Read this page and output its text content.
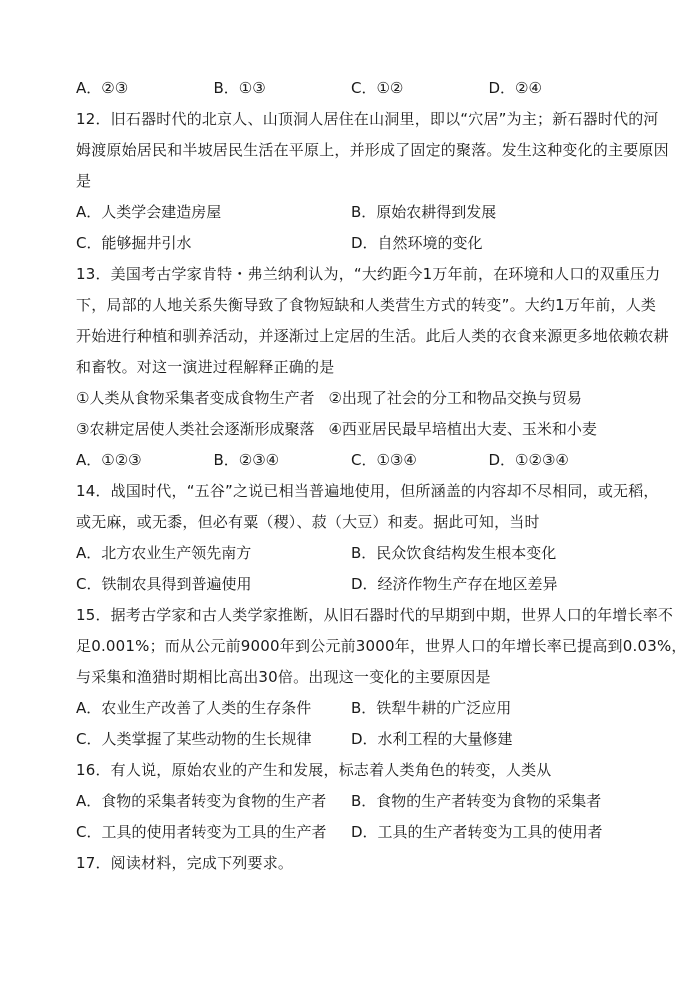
A．②③	B．①③	C．①②	D．②④
12．旧石器时代的北京人、山顶洞人居住在山洞里，即以“穴居”为主；新石器时代的河
姆渡原始居民和半坡居民生活在平原上，并形成了固定的聚落。发生这种变化的主要原因
是
A．人类学会建造房屋	B．原始农耕得到发展
C．能够掘井引水	D．自然环境的变化
13．美国考古学家肯特・弗兰纳利认为，“大约距今1万年前，在环境和人口的双重压力
下，局部的人地关系失衡导致了食物短缺和人类营生方式的转变”。大约1万年前，人类
开始进行种植和驯养活动，并逐渐过上定居的生活。此后人类的衣食来源更多地依赖农耕
和畜牧。对这一演进过程解释正确的是
①人类从食物采集者变成食物生产者 ②出现了社会的分工和物品交换与贸易
③农耕定居使人类社会逐渐形成聚落 ④西亚居民最早培植出大麦、玉米和小麦
A．①②③	B．②③④	C．①③④	D．①②③④
14．战国时代，“五谷”之说已相当普遍地使用，但所涵盖的内容却不尽相同，或无稻，
或无麻，或无黍，但必有粟（稷）、菽（大豆）和麦。据此可知，当时
A．北方农业生产领先南方	B．民众饮食结构发生根本变化
C．铁制农具得到普遍使用	D．经济作物生产存在地区差异
15．据考古学家和古人类学家推断，从旧石器时代的早期到中期，世界人口的年增长率不
足0.001%；而从公元前9000年到公元前3000年，世界人口的年增长率已提高到0.03%，
与采集和渔猎时期相比高出30倍。出现这一变化的主要原因是
A．农业生产改善了人类的生存条件	B．铁犁牛耕的广泛应用
C．人类掌握了某些动物的生长规律	D．水利工程的大量修建
16．有人说，原始农业的产生和发展，标志着人类角色的转变，人类从
A．食物的采集者转变为食物的生产者	B．食物的生产者转变为食物的采集者
C．工具的使用者转变为工具的生产者	D．工具的生产者转变为工具的使用者
17．阅读材料，完成下列要求。
